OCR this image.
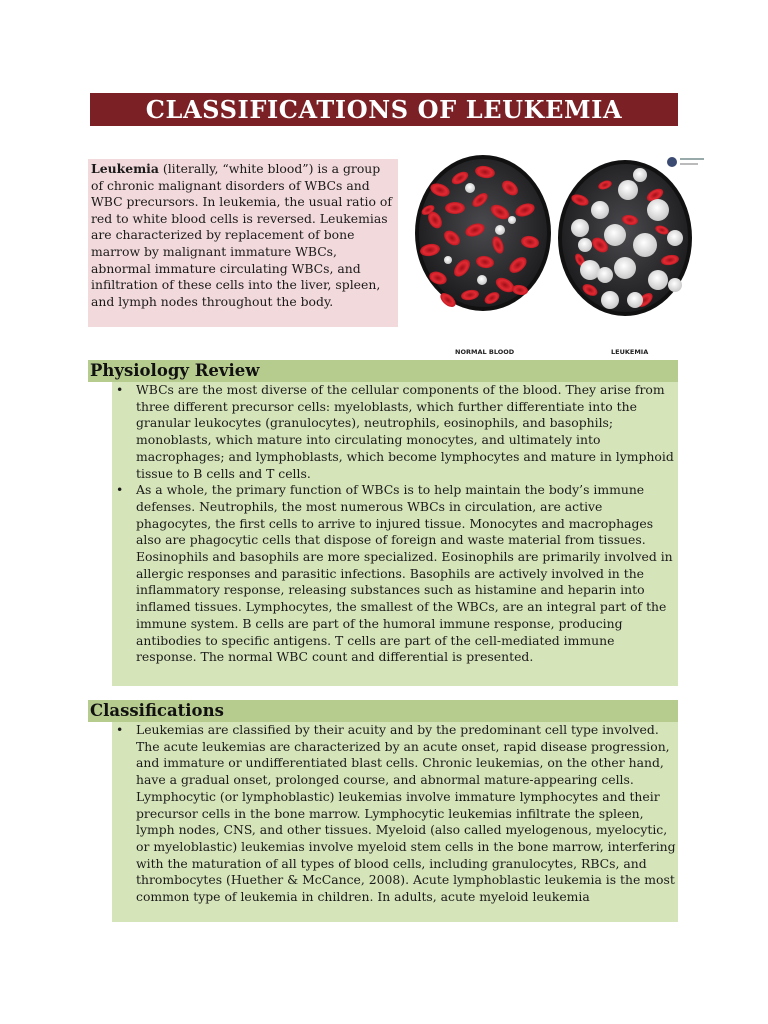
CLASSIFICATIONS OF LEUKEMIA
Leukemia (literally, “white blood”) is a group of chronic malignant disorders of WBCs and WBC precursors. In leukemia, the usual ratio of red to white blood cells is reversed. Leukemias are characterized by replacement of bone marrow by malignant immature WBCs, abnormal immature circulating WBCs, and infiltration of these cells into the liver, spleen, and lymph nodes throughout the body.
NORMAL BLOOD	LEUKEMIA
Physiology Review
• WBCs are the most diverse of the cellular components of the blood. They arise from three different precursor cells: myeloblasts, which further differentiate into the granular leukocytes (granulocytes), neutrophils, eosinophils, and basophils; monoblasts, which mature into circulating monocytes, and ultimately into macrophages; and lymphoblasts, which become lymphocytes and mature in lymphoid tissue to B cells and T cells.
• As a whole, the primary function of WBCs is to help maintain the body’s immune defenses. Neutrophils, the most numerous WBCs in circulation, are active phagocytes, the first cells to arrive to injured tissue. Monocytes and macrophages also are phagocytic cells that dispose of foreign and waste material from tissues. Eosinophils and basophils are more specialized. Eosinophils are primarily involved in allergic responses and parasitic infections. Basophils are actively involved in the inflammatory response, releasing substances such as histamine and heparin into inflamed tissues. Lymphocytes, the smallest of the WBCs, are an integral part of the immune system. B cells are part of the humoral immune response, producing antibodies to specific antigens. T cells are part of the cell-mediated immune response. The normal WBC count and differential is presented.
Classifications
• Leukemias are classified by their acuity and by the predominant cell type involved. The acute leukemias are characterized by an acute onset, rapid disease progression, and immature or undifferentiated blast cells. Chronic leukemias, on the other hand, have a gradual onset, prolonged course, and abnormal mature-appearing cells. Lymphocytic (or lymphoblastic) leukemias involve immature lymphocytes and their precursor cells in the bone marrow. Lymphocytic leukemias infiltrate the spleen, lymph nodes, CNS, and other tissues. Myeloid (also called myelogenous, myelocytic, or myeloblastic) leukemias involve myeloid stem cells in the bone marrow, interfering with the maturation of all types of blood cells, including granulocytes, RBCs, and thrombocytes (Huether & McCance, 2008). Acute lymphoblastic leukemia is the most common type of leukemia in children. In adults, acute myeloid leukemia
